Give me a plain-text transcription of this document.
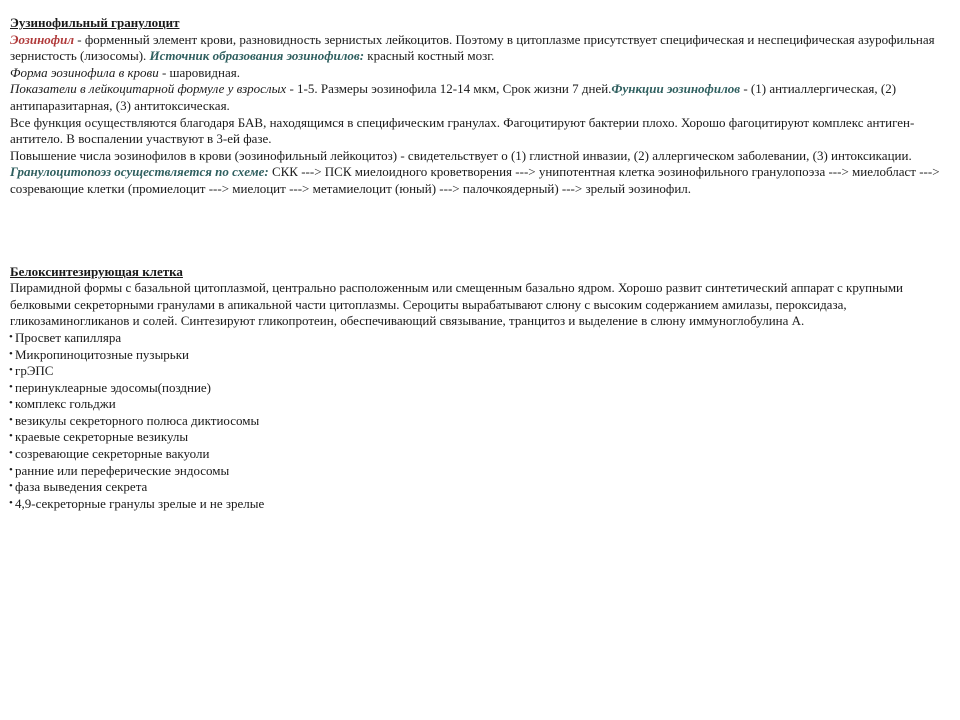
Эузинофильный гранулоцит

Эозинофил - форменный элемент крови, разновидность зернистых лейкоцитов. Поэтому в цитоплазме присутствует специфическая и неспецифическая азурофильная зернистость (лизосомы). Источник образования эозинофилов: красный костный мозг.

Форма эозинофила в крови - шаровидная.

Показатели в лейкоцитарной формуле у взрослых - 1-5. Размеры эозинофила 12-14 мкм, Срок жизни 7 дней.Функции эозинофилов - (1) антиаллергическая, (2) антипаразитарная, (3) антитоксическая.

Все функция осуществляются благодаря БАВ, находящимся в специфическим гранулах. Фагоцитируют бактерии плохо. Хорошо фагоцитируют комплекс антиген-антитело. В воспалении участвуют в 3-ей фазе.

Повышение числа эозинофилов в крови (эозинофильный лейкоцитоз) - свидетельствует о (1) глистной инвазии, (2) аллергическом заболевании, (3) интоксикации.

Гранулоцитопоэз осуществляется по схеме: СКК ---> ПСК миелоидного кроветворения ---> унипотентная клетка эозинофильного гранулопоэза ---> миелобласт ---> созревающие клетки (промиелоцит ---> миелоцит ---> метамиелоцит (юный) ---> палочкоядерный) ---> зрелый эозинофил.

Белоксинтезирующая клетка

Пирамидной формы с базальной цитоплазмой, центрально расположенным или смещенным базально ядром. Хорошо развит синтетический аппарат с крупными белковыми секреторными гранулами в апикальной части цитоплазмы. Сероциты вырабатывают слюну с высоким содержанием амилазы, пероксидаза, гликозаминогликанов и солей. Синтезируют гликопротеин, обеспечивающий связывание, транцитоз и выделение в слюну иммуноглобулина А.

• Просвет капилляра
• Микропиноцитозные пузырьки
• грЭПС
• перинуклеарные эдосомы(поздние)
• комплекс гольджи
• везикулы секреторного полюса диктиосомы
• краевые секреторные везикулы
• созревающие секреторные вакуоли
• ранние или переферические эндосомы
• фаза выведения секрета
• 4,9-секреторные гранулы зрелые и не зрелые
